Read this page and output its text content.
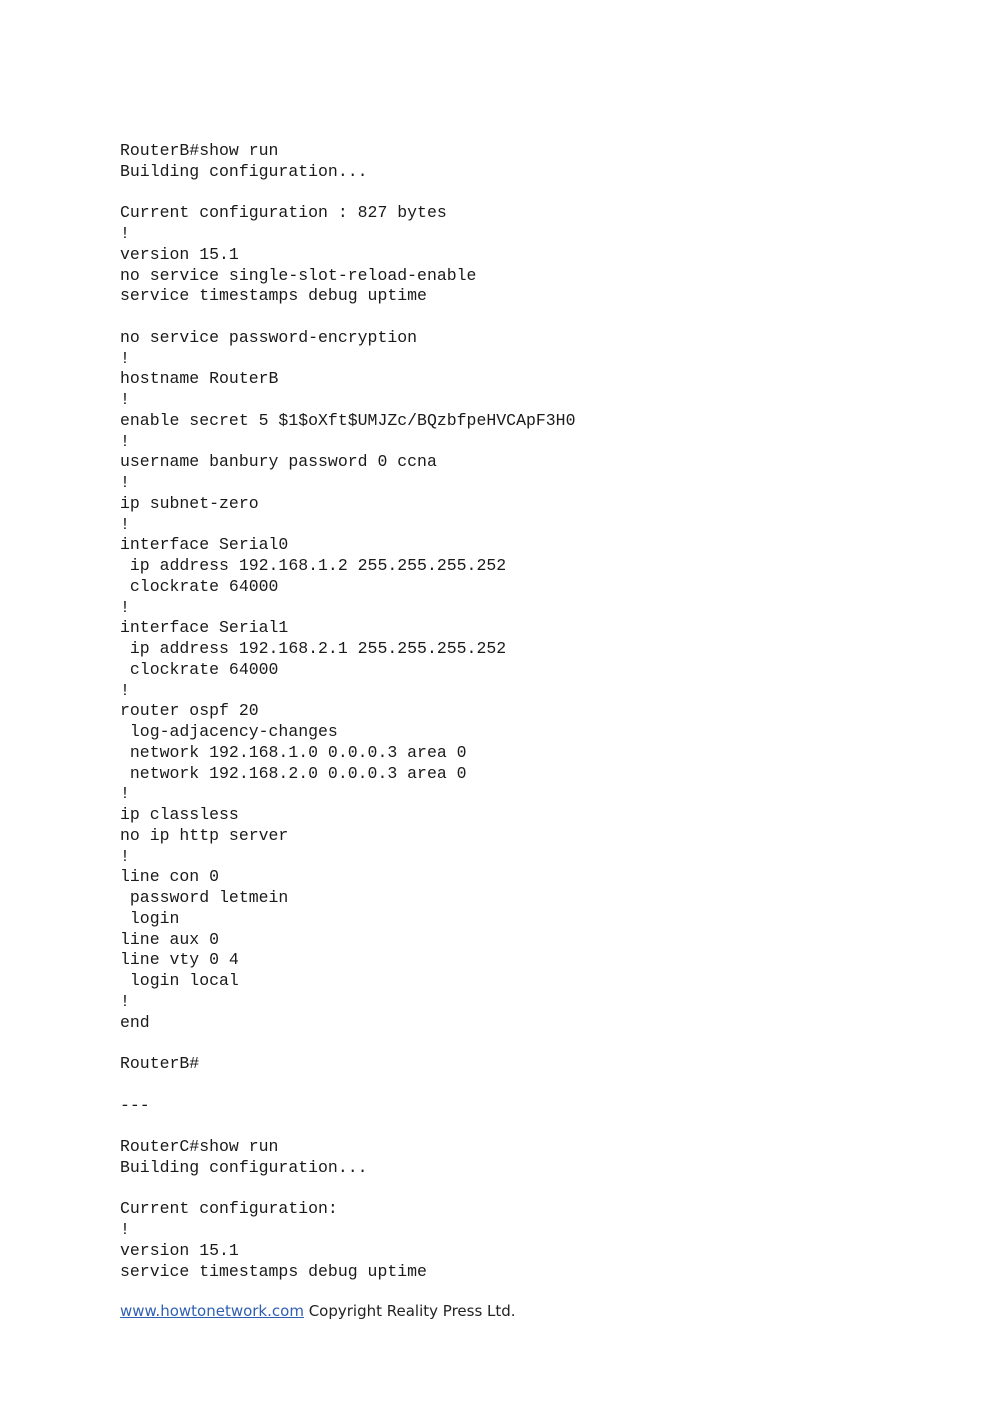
RouterB#show run
Building configuration...
Current configuration : 827 bytes
!
version 15.1
no service single-slot-reload-enable
service timestamps debug uptime
no service password-encryption
!
hostname RouterB
!
enable secret 5 $1$oXft$UMJZc/BQzbfpeHVCApF3H0
!
username banbury password 0 ccna
!
ip subnet-zero
!
interface Serial0
ip address 192.168.1.2 255.255.255.252
clockrate 64000
!
interface Serial1
ip address 192.168.2.1 255.255.255.252
clockrate 64000
!
router ospf 20
log-adjacency-changes
network 192.168.1.0 0.0.0.3 area 0
network 192.168.2.0 0.0.0.3 area 0
!
ip classless
no ip http server
!
line con 0
password letmein
login
line aux 0
line vty 0 4
login local
!
end
RouterB#
---
RouterC#show run
Building configuration...
Current configuration:
!
version 15.1
service timestamps debug uptime
www.howtonetwork.com Copyright Reality Press Ltd.
